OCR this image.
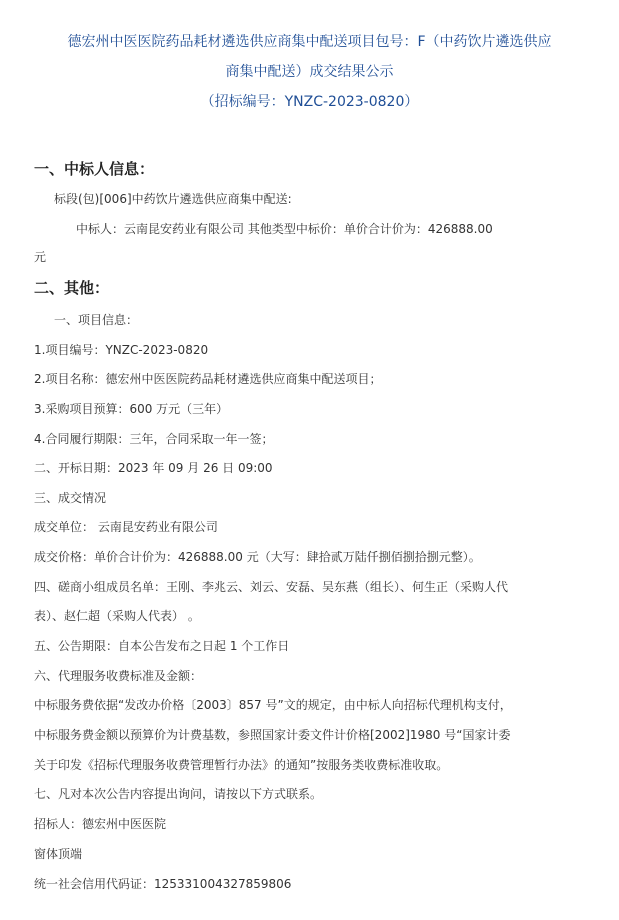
德宏州中医医院药品耗材遴选供应商集中配送项目包号：F（中药饮片遴选供应
商集中配送）成交结果公示
（招标编号：YNZC-2023-0820）
一、中标人信息：
标段(包)[006]中药饮片遴选供应商集中配送:
中标人：云南昆安药业有限公司 其他类型中标价：单价合计价为：426888.00
元
二、其他：
一、项目信息：
1.项目编号：YNZC-2023-0820
2.项目名称：德宏州中医医院药品耗材遴选供应商集中配送项目；
3.采购项目预算：600 万元（三年）
4.合同履行期限：三年，合同采取一年一签；
二、开标日期：2023 年 09 月 26 日 09:00
三、成交情况
成交单位： 云南昆安药业有限公司
成交价格：单价合计价为：426888.00 元（大写：肆拾贰万陆仟捌佰捌拾捌元整）。
四、磋商小组成员名单：王刚、李兆云、刘云、安磊、吴东燕（组长）、何生正（采购人代
表）、赵仁超（采购人代表） 。
五、公告期限：自本公告发布之日起 1 个工作日
六、代理服务收费标准及金额：
中标服务费依据“发改办价格〔2003〕857 号”文的规定，由中标人向招标代理机构支付，
中标服务费金额以预算价为计费基数，参照国家计委文件计价格[2002]1980 号“国家计委
关于印发《招标代理服务收费管理暂行办法》的通知”按服务类收费标准收取。
七、凡对本次公告内容提出询问，请按以下方式联系。
招标人：德宏州中医医院
窗体顶端
统一社会信用代码证：125331004327859806
